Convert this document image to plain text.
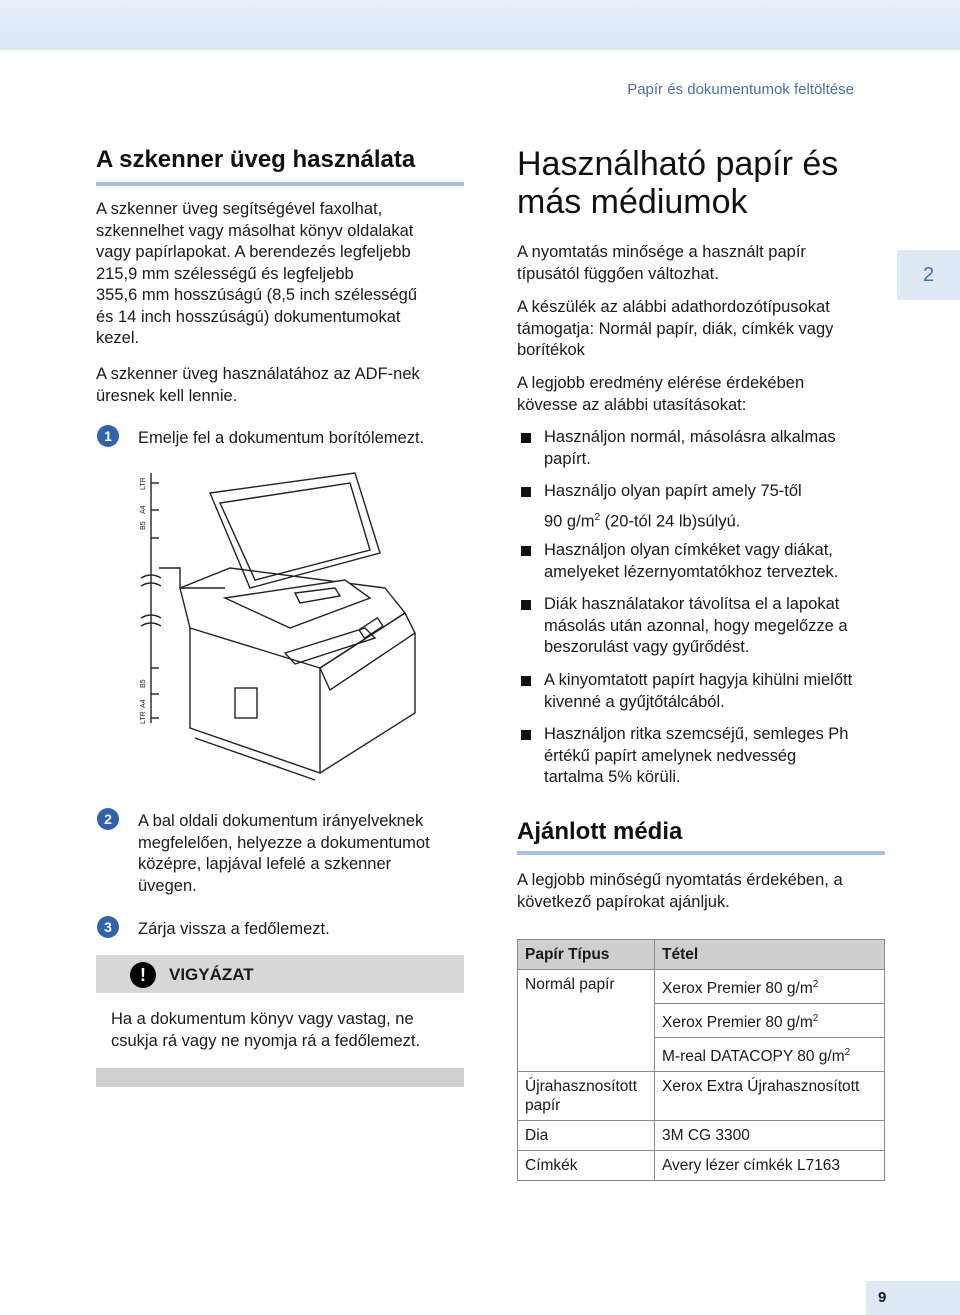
Papír és dokumentumok feltöltése
2
A szkenner üveg használata

A szkenner üveg segítségével faxolhat,

szkennelhet vagy másolhat könyv oldalakat

vagy papírlapokat. A berendezés legfeljebb

215,9 mm szélességű és legfeljebb

355,6 mm hosszúságú (8,5 inch szélességű

és 14 inch hosszúságú) dokumentumokat

kezel.

A szkenner üveg használatához az ADF-nek

üresnek kell lennie.

1	Emelje fel a dokumentum borítólemezt.

LTR
A4
B5
B5
A4
LTR
2	A bal oldali dokumentum irányelveknek

megfelelően, helyezze a dokumentumot

középre, lapjával lefelé a szkenner

üvegen.

3	Zárja vissza a fedőlemezt.

!	VIGYÁZAT

Ha a dokumentum könyv vagy vastag, ne

csukja rá vagy ne nyomja rá a fedőlemezt.

Használható papír és

más médiumok

A nyomtatás minősége a használt papír

típusától függően változhat.

A készülék az alábbi adathordozótípusokat

támogatja: Normál papír, diák, címkék vagy

borítékok

A legjobb eredmény elérése érdekében

kövesse az alábbi utasításokat:

Használjon normál, másolásra alkalmas

papírt.

Használjo olyan papírt amely 75-től

90 $g/m^2$ (20-tól 24 lb)súlyú.

Használjon olyan címkéket vagy diákat,

amelyeket lézernyomtatókhoz terveztek.

Diák használatakor távolítsa el a lapokat

másolás után azonnal, hogy megelőzze a

beszorulást vagy gyűrődést.

A kinyomtatott papírt hagyja kihülni mielőtt

kivenné a gyűjtőtálcából.

Használjon ritka szemcséjű, semleges Ph

értékű papírt amelynek nedvesség

tartalma 5% körüli.

Ajánlott média

A legjobb minőségű nyomtatás érdekében, a

következő papírokat ajánljuk.

Papír Típus	Tétel
Normál papír	Xerox Premier 80 $g/m^2$
	Xerox Premier 80 $g/m^2$
	M-real DATACOPY 80 $g/m^2$
Újrahasznosított papír	Xerox Extra Újrahasznosított
Dia	3M CG 3300
Címkék	Avery lézer címkék L7163
9
